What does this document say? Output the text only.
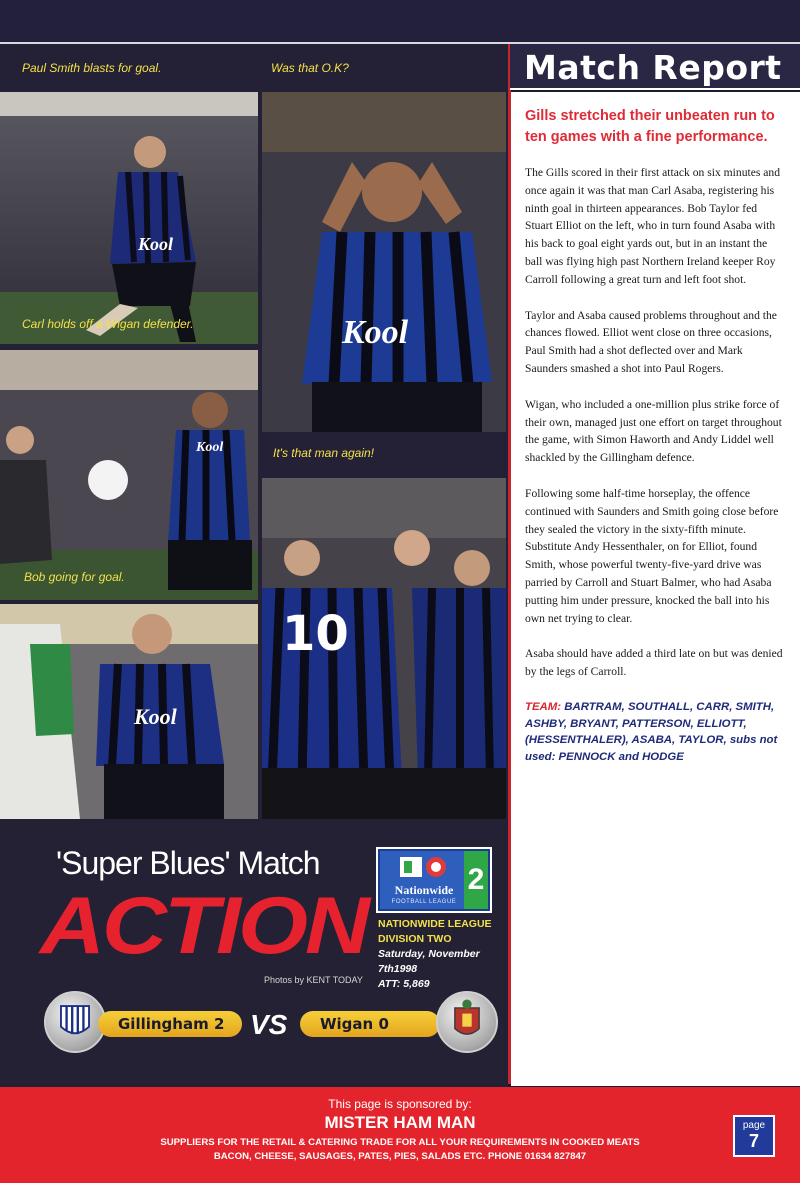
Kool
Kool
Kool
Kool
10
Paul Smith blasts for goal.	Was that O.K?
Carl holds off a Wigan defender.
It's that man again!
Bob going for goal.
Match Report
Gills stretched their unbeaten run to ten games with a fine performance.

The Gills scored in their first attack on six minutes and once again it was that man Carl Asaba, registering his ninth goal in thirteen appearances. Bob Taylor fed Stuart Elliot on the left, who in turn found Asaba with his back to goal eight yards out, but in an instant the ball was flying high past Northern Ireland keeper Roy Carroll following a great turn and left foot shot.

Taylor and Asaba caused problems throughout and the chances flowed. Elliot went close on three occasions, Paul Smith had a shot deflected over and Mark Saunders smashed a shot into Paul Rogers.

Wigan, who included a one-million plus strike force of their own, managed just one effort on target throughout the game, with Simon Haworth and Andy Liddel well shackled by the Gillingham defence.

Following some half-time horseplay, the offence continued with Saunders and Smith going close before they sealed the victory in the sixty-fifth minute. Substitute Andy Hessenthaler, on for Elliot, found Smith, whose powerful twenty-five-yard drive was parried by Carroll and Stuart Balmer, who had Asaba putting him under pressure, knocked the ball into his own net trying to clear.

Asaba should have added a third late on but was denied by the legs of Carroll.

TEAM: BARTRAM, SOUTHALL, CARR, SMITH, ASHBY, BRYANT, PATTERSON, ELLIOTT, (HESSENTHALER), ASABA, TAYLOR, subs not used: PENNOCK and HODGE

'Super Blues' Match
ACTION
Photos by KENT TODAY
Nationwide
FOOTBALL LEAGUE
2
NATIONWIDE LEAGUE
DIVISION TWO
Saturday, November
7th1998
ATT: 5,869
Gillingham 2 VS	Wigan 0
This page is sponsored by:
MISTER HAM MAN
SUPPLIERS FOR THE RETAIL & CATERING TRADE FOR ALL YOUR REQUIREMENTS IN COOKED MEATS
BACON, CHEESE, SAUSAGES, PATES, PIES, SALADS ETC. PHONE 01634 827847
page
7
